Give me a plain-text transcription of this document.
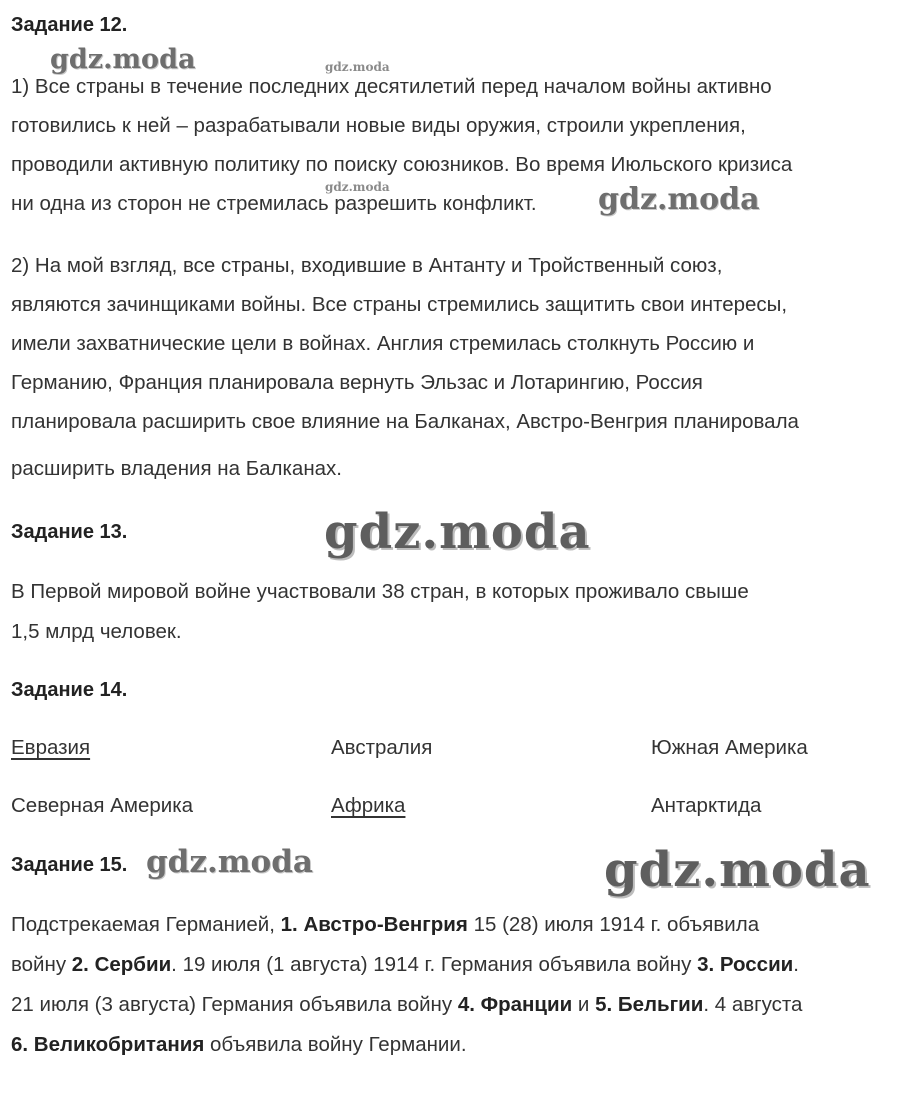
Задание 12.
1) Все страны в течение последних десятилетий перед началом войны активно
готовились к ней – разрабатывали новые виды оружия, строили укрепления,
проводили активную политику по поиску союзников. Во время Июльского кризиса
ни одна из сторон не стремилась разрешить конфликт.
2) На мой взгляд, все страны, входившие в Антанту и Тройственный союз,
являются зачинщиками войны. Все страны стремились защитить свои интересы,
имели захватнические цели в войнах. Англия стремилась столкнуть Россию и
Германию, Франция планировала вернуть Эльзас и Лотарингию, Россия
планировала расширить свое влияние на Балканах, Австро-Венгрия планировала
расширить владения на Балканах.
Задание 13.
В Первой мировой войне участвовали 38 стран, в которых проживало свыше
1,5 млрд человек.
Задание 14.
Евразия	Австралия	Южная Америка
Северная Америка	Африка	Антарктида
Задание 15.
Подстрекаемая Германией, 1. Австро-Венгрия 15 (28) июля 1914 г. объявила
войну 2. Сербии. 19 июля (1 августа) 1914 г. Германия объявила войну 3. России.
21 июля (3 августа) Германия объявила войну 4. Франции и 5. Бельгии. 4 августа
6. Великобритания объявила войну Германии.
gdz.moda	gdz.moda
gdz.moda	gdz.moda
gdz.moda
gdz.moda	gdz.moda
